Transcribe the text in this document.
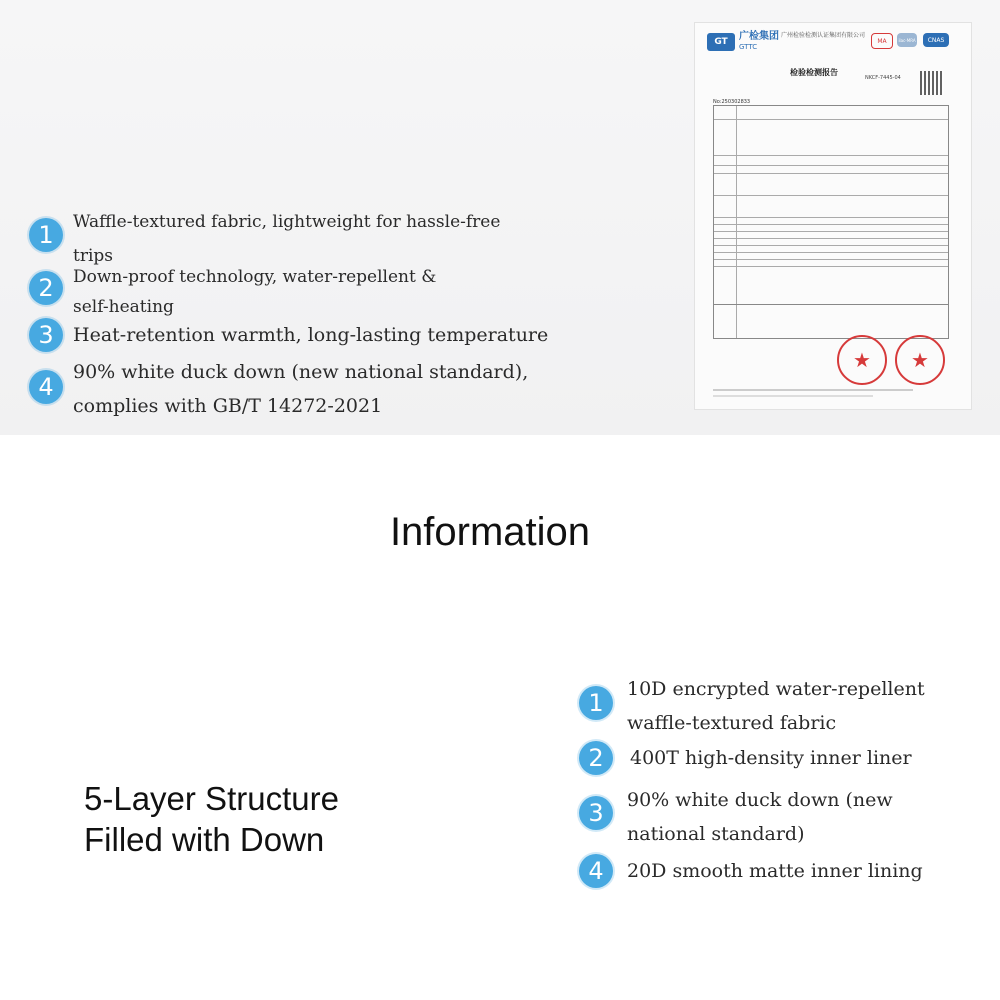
1	Waffle-textured fabric, lightweight for hassle-free
trips
2	Down-proof technology, water-repellent &
self-heating
3	Heat-retention warmth, long-lasting temperature
4
90% white duck down (new national standard),
complies with GB/T 14272-2021
GT	广检集团
GTTC
广州检验检测认证集团有限公司
MA	ilac-MRA	CNAS
检验检测报告
NKCF-7445-04
No:250302833
★	★
Information
5-Layer Structure
Filled with Down
1	10D encrypted water-repellent
waffle-textured fabric
2	400T high-density inner liner
3	90% white duck down (new
national standard)
4	20D smooth matte inner lining
